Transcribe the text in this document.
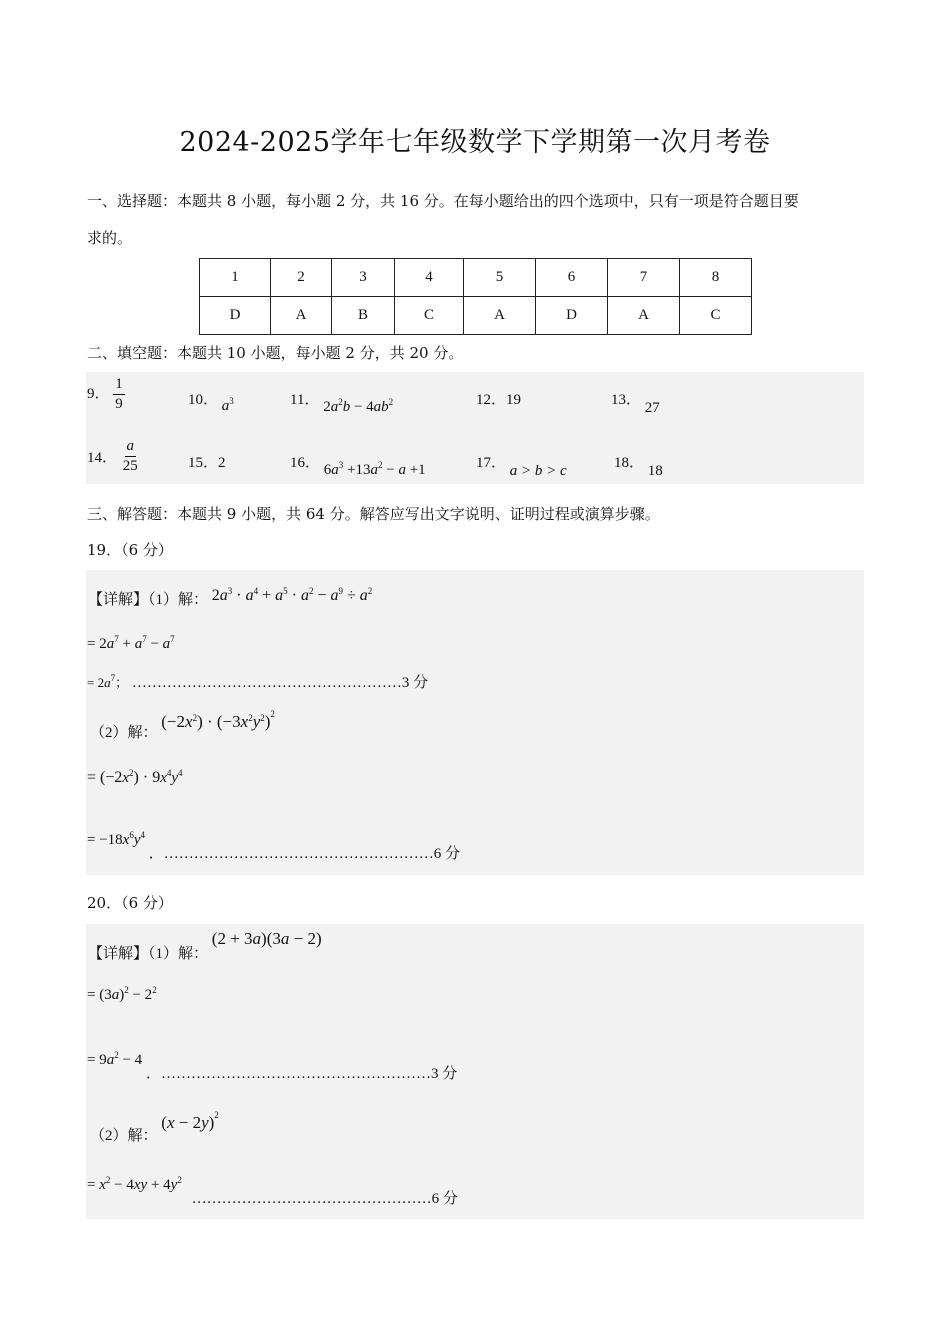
2024-2025学年七年级数学下学期第一次月考卷
一、选择题：本题共 8 小题，每小题 2 分，共 16 分。在每小题给出的四个选项中，只有一项是符合题目要
求的。
1	2	3	4	5	6	7	8
D	A	B	C	A	D	A	C
二、填空题：本题共 10 小题，每小题 2 分，共 20 分。
9． $\frac{1}{9}$	10． $a^3$	11． $2a^2b - 4ab^2$	12．19	13． 27
14． $\frac{a}{25}$	15．2	16． $6a^3 +13a^2 - a +1$	17． a > b > c	18． 18
三、解答题：本题共 9 小题，共 64 分。解答应写出文字说明、证明过程或演算步骤。
19．（6 分）
【详解】（1）解： $2a^3 \cdot a^4 + a^5 \cdot a^2 - a^9 \div a^2$
= $2a^7 + a^7 - a^7$
= $2a^7$； ………………………………………………3 分
（2）解： $(-2x^2) \cdot (-3x^2y^2)^2$
= $(-2x^2) \cdot 9x^4y^4$
= $-18x^6y^4$ ．………………………………………………6 分
20．（6 分）
【详解】（1）解： (2 + 3a)(3a − 2)
= $(3a)^2 - 2^2$
= $9a^2 - 4$ ．………………………………………………3 分
（2）解： $(x - 2y)^2$
= $x^2 - 4xy + 4y^2$ …………………………………………6 分
